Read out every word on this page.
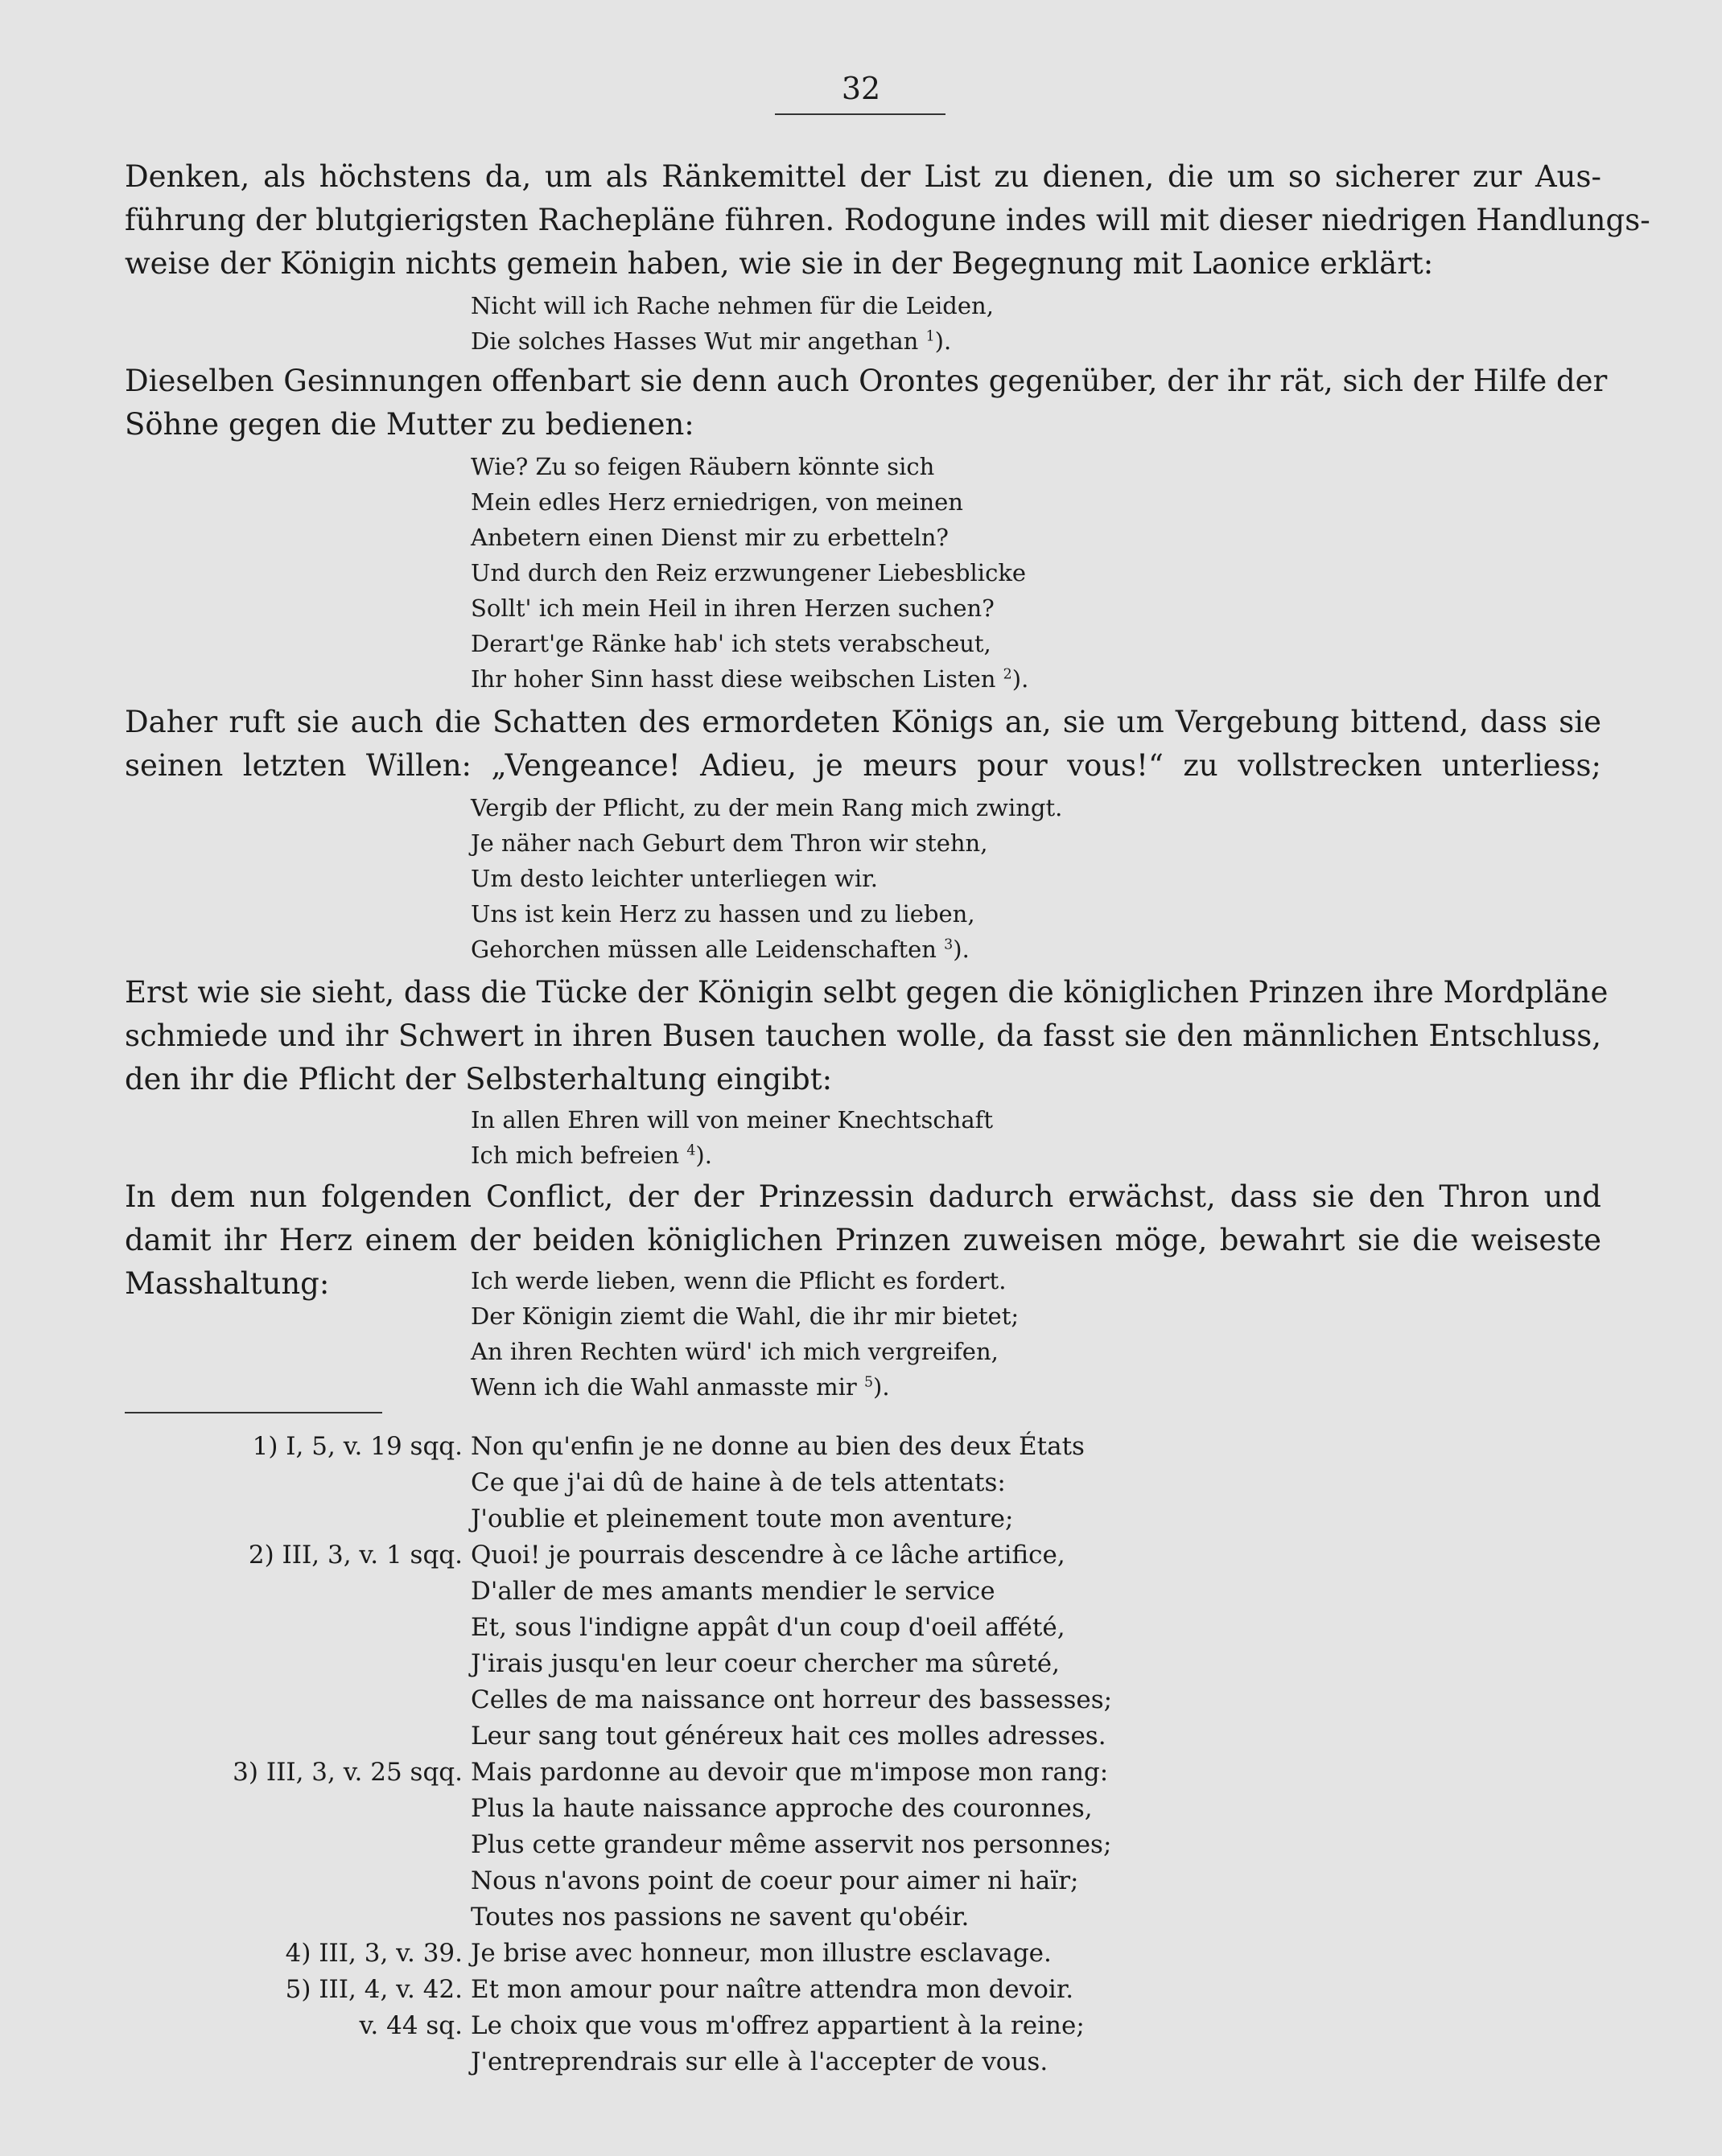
32
Denken, als höchstens da, um als Ränkemittel der List zu dienen, die um so sicherer zur Aus-
führung der blutgierigsten Rachepläne führen. Rodogune indes will mit dieser niedrigen Handlungs-
weise der Königin nichts gemein haben, wie sie in der Begegnung mit Laonice erklärt:
Nicht will ich Rache nehmen für die Leiden,
Die solches Hasses Wut mir angethan $^1$).
Dieselben Gesinnungen offenbart sie denn auch Orontes gegenüber, der ihr rät, sich der Hilfe der
Söhne gegen die Mutter zu bedienen:
Wie? Zu so feigen Räubern könnte sich
Mein edles Herz erniedrigen, von meinen
Anbetern einen Dienst mir zu erbetteln?
Und durch den Reiz erzwungener Liebesblicke
Sollt' ich mein Heil in ihren Herzen suchen?
Derart'ge Ränke hab' ich stets verabscheut,
Ihr hoher Sinn hasst diese weibschen Listen $^2$).
Daher ruft sie auch die Schatten des ermordeten Königs an, sie um Vergebung bittend, dass sie
seinen letzten Willen: „Vengeance! Adieu, je meurs pour vous!“ zu vollstrecken unterliess;
Vergib der Pflicht, zu der mein Rang mich zwingt.
Je näher nach Geburt dem Thron wir stehn,
Um desto leichter unterliegen wir.
Uns ist kein Herz zu hassen und zu lieben,
Gehorchen müssen alle Leidenschaften $^3$).
Erst wie sie sieht, dass die Tücke der Königin selbt gegen die königlichen Prinzen ihre Mordpläne
schmiede und ihr Schwert in ihren Busen tauchen wolle, da fasst sie den männlichen Entschluss,
den ihr die Pflicht der Selbsterhaltung eingibt:
In allen Ehren will von meiner Knechtschaft
Ich mich befreien $^4$).
In dem nun folgenden Conflict, der der Prinzessin dadurch erwächst, dass sie den Thron und
damit ihr Herz einem der beiden königlichen Prinzen zuweisen möge, bewahrt sie die weiseste
Masshaltung:	Ich werde lieben, wenn die Pflicht es fordert.
Der Königin ziemt die Wahl, die ihr mir bietet;
An ihren Rechten würd' ich mich vergreifen,
Wenn ich die Wahl anmasste mir $^5$).
1) I, 5, v. 19 sqq. Non qu'enfin je ne donne au bien des deux États
Ce que j'ai dû de haine à de tels attentats:
J'oublie et pleinement toute mon aventure;
2) III, 3, v. 1 sqq. Quoi! je pourrais descendre à ce lâche artifice,
D'aller de mes amants mendier le service
Et, sous l'indigne appât d'un coup d'oeil affété,
J'irais jusqu'en leur coeur chercher ma sûreté,
Celles de ma naissance ont horreur des bassesses;
Leur sang tout généreux hait ces molles adresses.
3) III, 3, v. 25 sqq. Mais pardonne au devoir que m'impose mon rang:
Plus la haute naissance approche des couronnes,
Plus cette grandeur même asservit nos personnes;
Nous n'avons point de coeur pour aimer ni haïr;
Toutes nos passions ne savent qu'obéir.
4) III, 3, v. 39. Je brise avec honneur, mon illustre esclavage.
5) III, 4, v. 42. Et mon amour pour naître attendra mon devoir.
v. 44 sq. Le choix que vous m'offrez appartient à la reine;
J'entreprendrais sur elle à l'accepter de vous.
